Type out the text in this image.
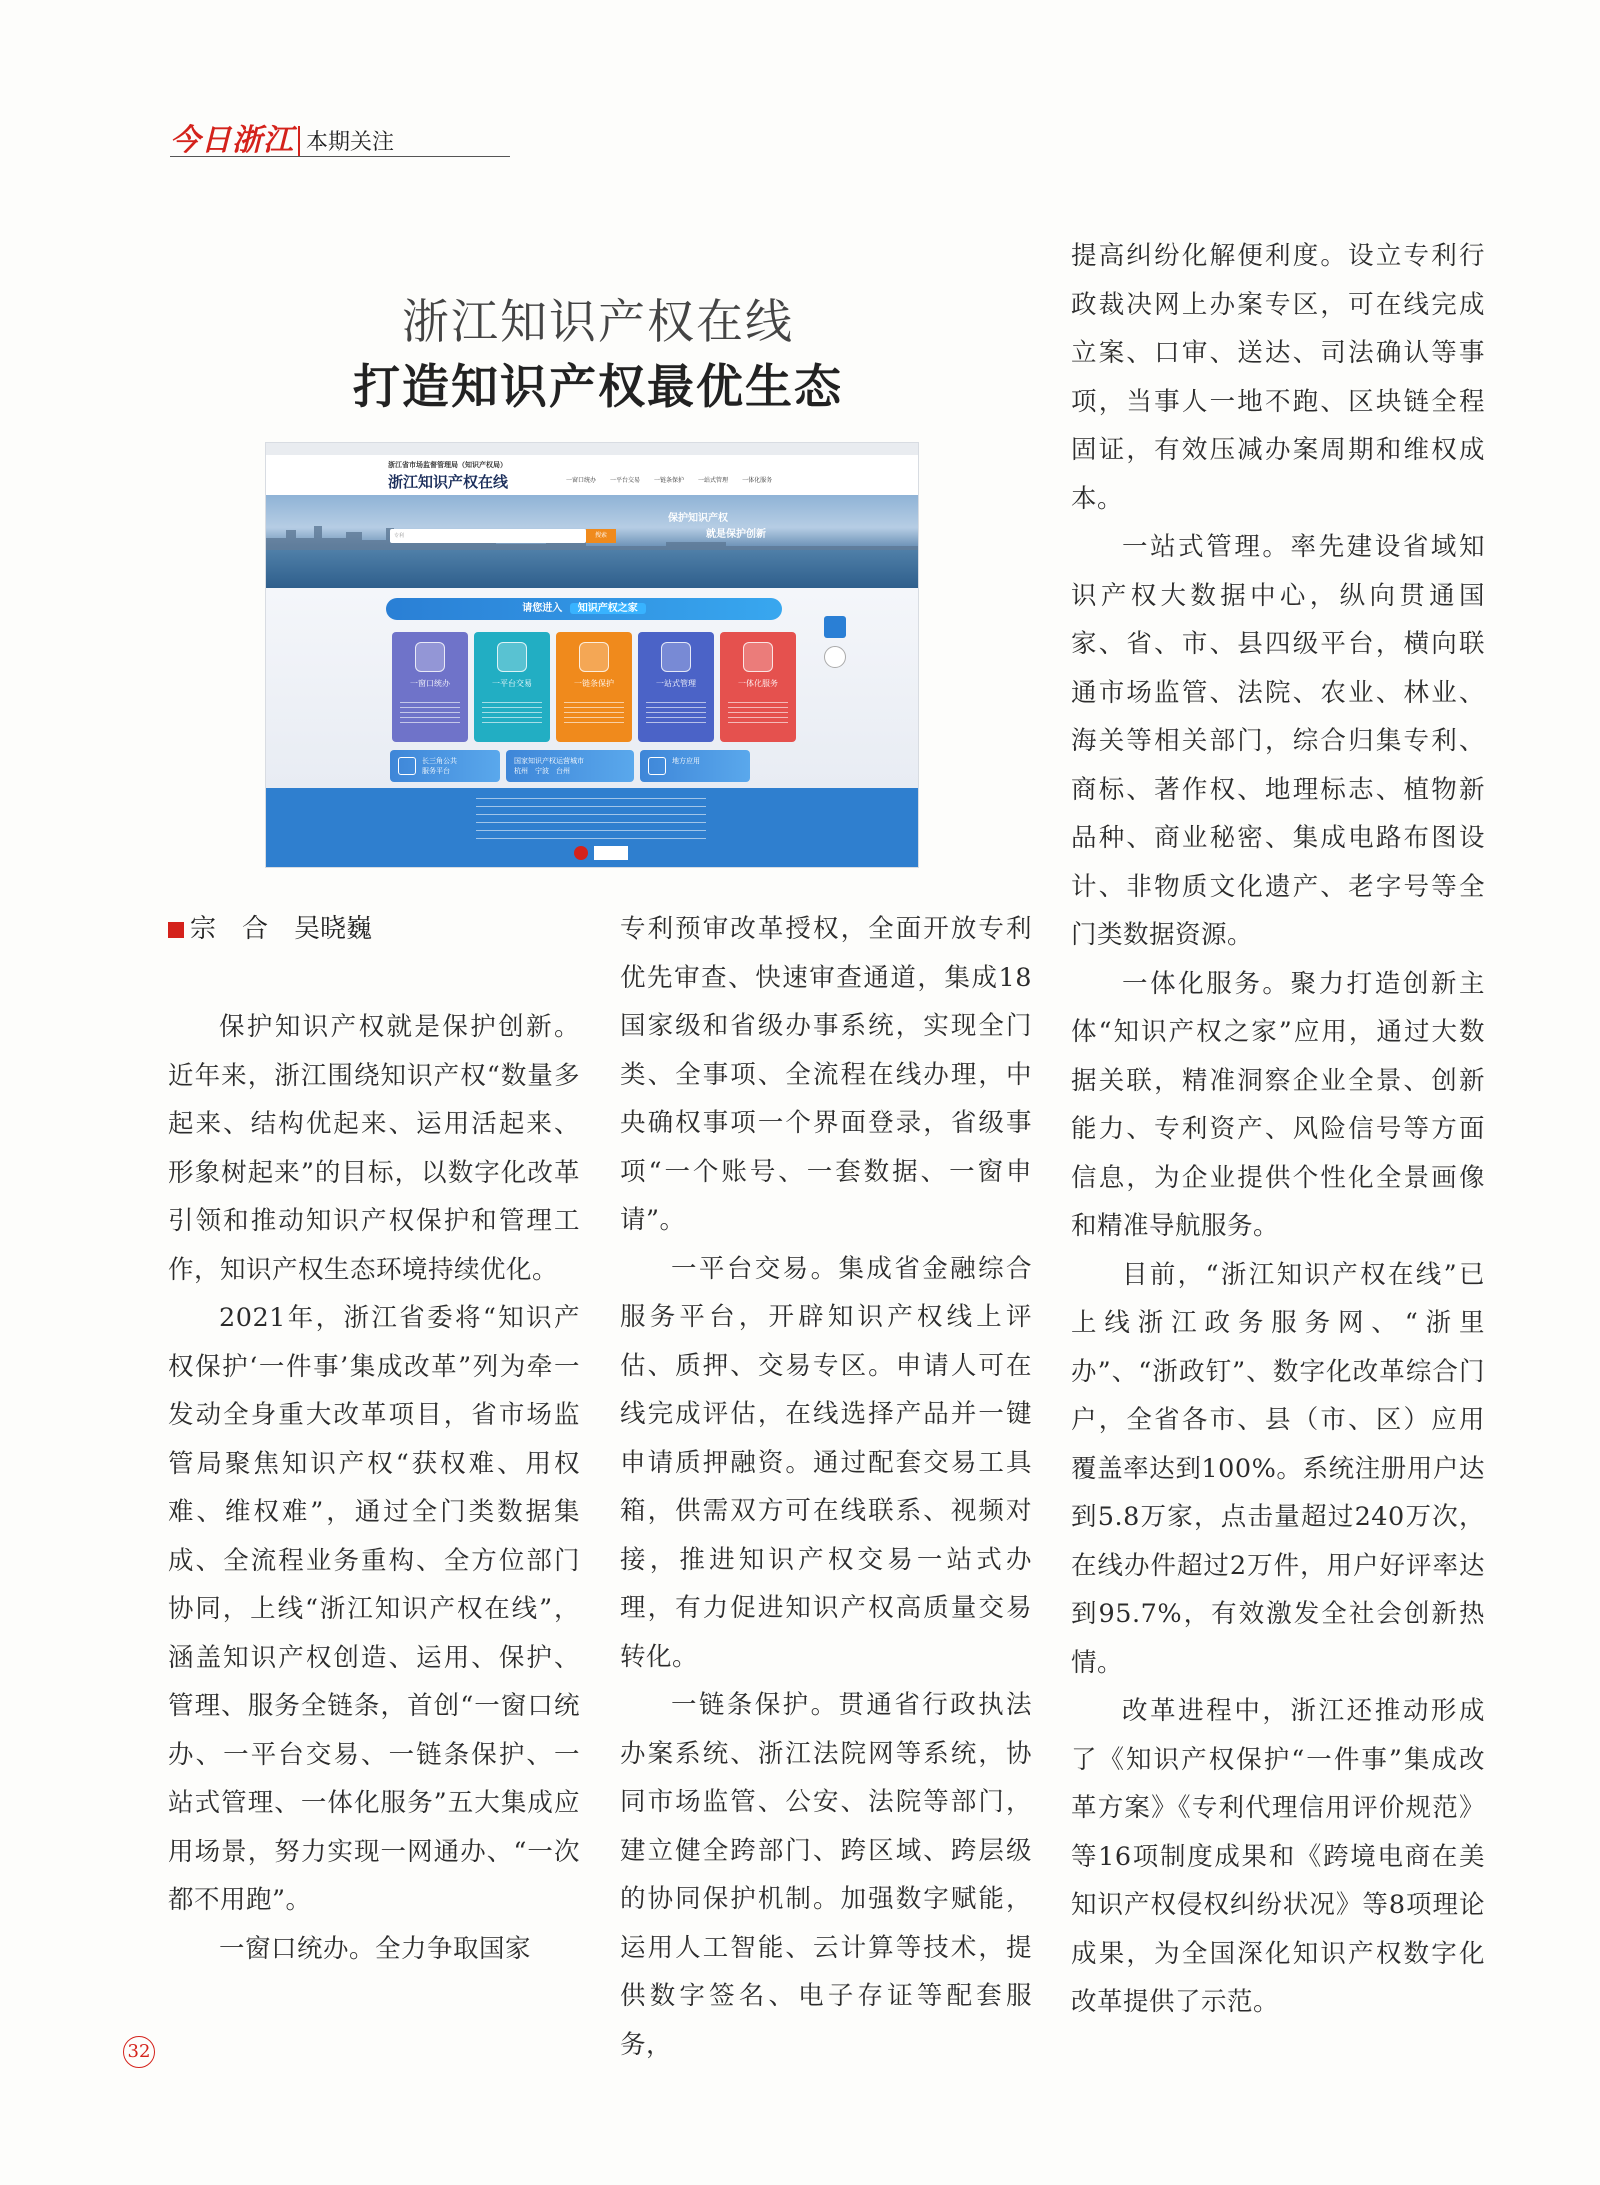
今日浙江 本期关注
浙江知识产权在线
打造知识产权最优生态
浙江省市场监督管理局（知识产权局）
浙江知识产权在线	一窗口统办 一平台交易 一链条保护 一站式管理 一体化服务
专利	搜索
保护知识产权
就是保护创新
请您进入 知识产权之家
一窗口统办	一平台交易	一链条保护	一站式管理	一体化服务
长三角公共
服务平台
国家知识产权运营城市
杭州　宁波　台州
地方应用
宗　合　吴晓巍

保护知识产权就是保护创新。近年来，浙江围绕知识产权“数量多起来、结构优起来、运用活起来、形象树起来”的目标，以数字化改革引领和推动知识产权保护和管理工作，知识产权生态环境持续优化。

2021年，浙江省委将“知识产权保护‘一件事’集成改革”列为牵一发动全身重大改革项目，省市场监管局聚焦知识产权“获权难、用权难、维权难”，通过全门类数据集成、全流程业务重构、全方位部门协同，上线“浙江知识产权在线”，涵盖知识产权创造、运用、保护、管理、服务全链条，首创“一窗口统办、一平台交易、一链条保护、一站式管理、一体化服务”五大集成应用场景，努力实现一网通办、“一次都不用跑”。

一窗口统办。全力争取国家

专利预审改革授权，全面开放专利优先审查、快速审查通道，集成18国家级和省级办事系统，实现全门类、全事项、全流程在线办理，中央确权事项一个界面登录，省级事项“一个账号、一套数据、一窗申请”。

一平台交易。集成省金融综合服务平台，开辟知识产权线上评估、质押、交易专区。申请人可在线完成评估，在线选择产品并一键申请质押融资。通过配套交易工具箱，供需双方可在线联系、视频对接，推进知识产权交易一站式办理，有力促进知识产权高质量交易转化。

一链条保护。贯通省行政执法办案系统、浙江法院网等系统，协同市场监管、公安、法院等部门，建立健全跨部门、跨区域、跨层级的协同保护机制。加强数字赋能，运用人工智能、云计算等技术，提供数字签名、电子存证等配套服务，

提高纠纷化解便利度。设立专利行政裁决网上办案专区，可在线完成立案、口审、送达、司法确认等事项，当事人一地不跑、区块链全程固证，有效压减办案周期和维权成本。

一站式管理。率先建设省域知识产权大数据中心，纵向贯通国家、省、市、县四级平台，横向联通市场监管、法院、农业、林业、海关等相关部门，综合归集专利、商标、著作权、地理标志、植物新品种、商业秘密、集成电路布图设计、非物质文化遗产、老字号等全门类数据资源。

一体化服务。聚力打造创新主体“知识产权之家”应用，通过大数据关联，精准洞察企业全景、创新能力、专利资产、风险信号等方面信息，为企业提供个性化全景画像和精准导航服务。

目前，“浙江知识产权在线”已上线浙江政务服务网、“浙里办”、“浙政钉”、数字化改革综合门户，全省各市、县（市、区）应用覆盖率达到100%。系统注册用户达到5.8万家，点击量超过240万次，在线办件超过2万件，用户好评率达到95.7%，有效激发全社会创新热情。

改革进程中，浙江还推动形成了《知识产权保护“一件事”集成改革方案》《专利代理信用评价规范》等16项制度成果和《跨境电商在美知识产权侵权纠纷状况》等8项理论成果，为全国深化知识产权数字化改革提供了示范。

32
